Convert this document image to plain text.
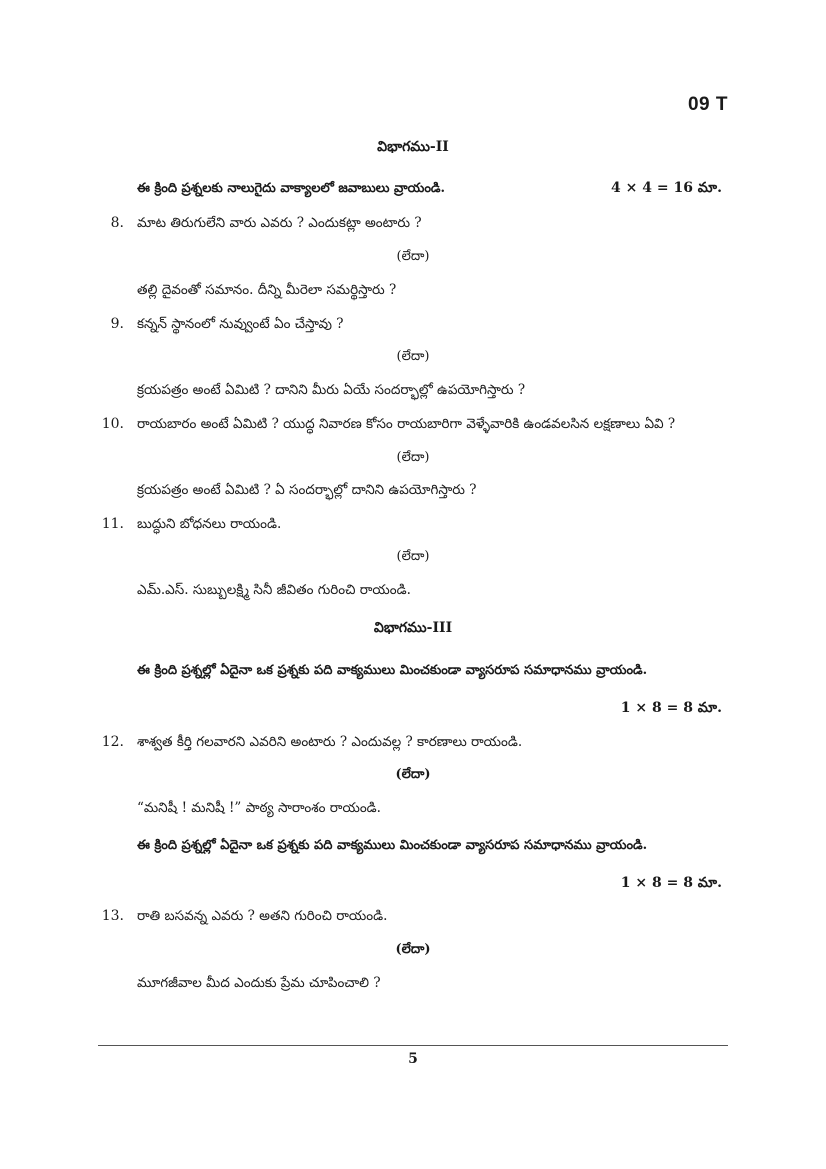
09 T
విభాగము-II
ఈ క్రింది ప్రశ్నలకు నాలుగైదు వాక్యాలలో జవాబులు వ్రాయండి.	4 × 4 = 16 మా.
8. మాట తిరుగులేని వారు ఎవరు ? ఎందుకట్లా అంటారు ?
(లేదా)
తల్లి దైవంతో సమానం. దీన్ని మీరెలా సమర్థిస్తారు ?
9. కన్నన్ స్థానంలో నువ్వుంటే ఏం చేస్తావు ?
(లేదా)
క్రయపత్రం అంటే ఏమిటి ? దానిని మీరు ఏయే సందర్భాల్లో ఉపయోగిస్తారు ?
10. రాయబారం అంటే ఏమిటి ? యుద్ధ నివారణ కోసం రాయబారిగా వెళ్ళేవారికి ఉండవలసిన లక్షణాలు ఏవి ?
(లేదా)
క్రయపత్రం అంటే ఏమిటి ? ఏ సందర్భాల్లో దానిని ఉపయోగిస్తారు ?
11. బుద్ధుని బోధనలు రాయండి.
(లేదా)
ఎమ్.ఎస్. సుబ్బులక్ష్మి సినీ జీవితం గురించి రాయండి.
విభాగము-III
ఈ క్రింది ప్రశ్నల్లో ఏదైనా ఒక ప్రశ్నకు పది వాక్యములు మించకుండా వ్యాసరూప సమాధానము వ్రాయండి.
1 × 8 = 8 మా.
12. శాశ్వత కీర్తి గలవారని ఎవరిని అంటారు ? ఎందువల్ల ? కారణాలు రాయండి.
(లేదా)
“మనిషీ ! మనిషీ !” పాఠ్య సారాంశం రాయండి.
ఈ క్రింది ప్రశ్నల్లో ఏదైనా ఒక ప్రశ్నకు పది వాక్యములు మించకుండా వ్యాసరూప సమాధానము వ్రాయండి.
1 × 8 = 8 మా.
13. రాతి బసవన్న ఎవరు ? అతని గురించి రాయండి.
(లేదా)
మూగజీవాల మీద ఎందుకు ప్రేమ చూపించాలి ?
5
